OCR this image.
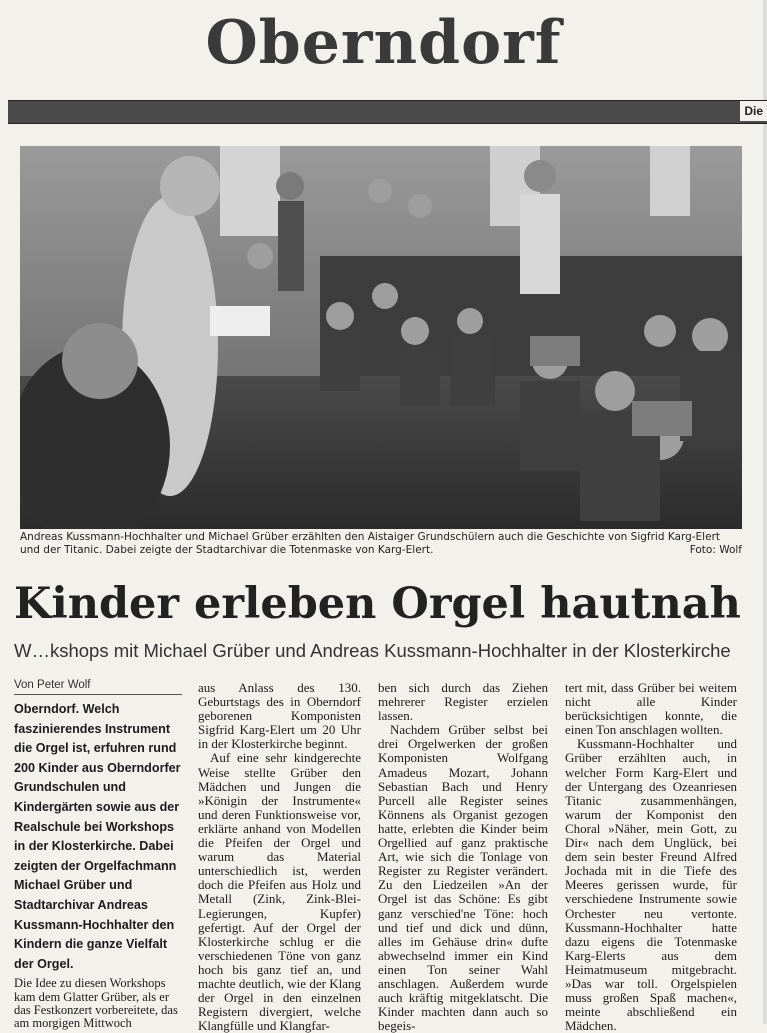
Oberndorf
Die
Andreas Kussmann-Hochhalter und Michael Grüber erzählten den Aistaiger Grundschülern auch die Geschichte von Sigfrid Karg-Elert
und der Titanic. Dabei zeigte der Stadtarchivar die Totenmaske von Karg-Elert.	Foto: Wolf
Kinder erleben Orgel hautnah
W…kshops mit Michael Grüber und Andreas Kussmann-Hochhalter in der Klosterkirche
Von Peter Wolf
Oberndorf. Welch faszinierendes Instrument die Orgel ist, erfuhren rund 200 Kinder aus Oberndorfer Grundschulen und Kindergärten sowie aus der Realschule bei Workshops in der Klosterkirche. Dabei zeigten der Orgelfachmann Michael Grüber und Stadtarchivar Andreas Kussmann-Hochhalter den Kindern die ganze Vielfalt der Orgel.

Die Idee zu diesen Workshops kam dem Glatter Grüber, als er das Festkonzert vorbereitete, das am morgigen Mittwoch

aus Anlass des 130. Geburtstags des in Oberndorf geborenen Komponisten Sigfrid Karg-Elert um 20 Uhr in der Klosterkirche beginnt.

Auf eine sehr kindgerechte Weise stellte Grüber den Mädchen und Jungen die »Königin der Instrumente« und deren Funktionsweise vor, erklärte anhand von Modellen die Pfeifen der Orgel und warum das Material unterschiedlich ist, werden doch die Pfeifen aus Holz und Metall (Zink, Zink-Blei-Legierungen, Kupfer) gefertigt. Auf der Orgel der Klosterkirche schlug er die verschiedenen Töne von ganz hoch bis ganz tief an, und machte deutlich, wie der Klang der Orgel in den einzelnen Registern divergiert, welche Klangfülle und Klangfar-

ben sich durch das Ziehen mehrerer Register erzielen lassen.

Nachdem Grüber selbst bei drei Orgelwerken der großen Komponisten Wolfgang Amadeus Mozart, Johann Sebastian Bach und Henry Purcell alle Register seines Könnens als Organist gezogen hatte, erlebten die Kinder beim Orgellied auf ganz praktische Art, wie sich die Tonlage von Register zu Register verändert. Zu den Liedzeilen »An der Orgel ist das Schöne: Es gibt ganz verschied'ne Töne: hoch und tief und dick und dünn, alles im Gehäuse drin« dufte abwechselnd immer ein Kind einen Ton seiner Wahl anschlagen. Außerdem wurde auch kräftig mitgeklatscht. Die Kinder machten dann auch so begeis-

tert mit, dass Grüber bei weitem nicht alle Kinder berücksichtigen konnte, die einen Ton anschlagen wollten.

Kussmann-Hochhalter und Grüber erzählten auch, in welcher Form Karg-Elert und der Untergang des Ozeanriesen Titanic zusammenhängen, warum der Komponist den Choral »Näher, mein Gott, zu Dir« nach dem Unglück, bei dem sein bester Freund Alfred Jochada mit in die Tiefe des Meeres gerissen wurde, für verschiedene Instrumente sowie Orchester neu vertonte. Kussmann-Hochhalter hatte dazu eigens die Totenmaske Karg-Elerts aus dem Heimatmuseum mitgebracht. »Das war toll. Orgelspielen muss großen Spaß machen«, meinte abschließend ein Mädchen.
